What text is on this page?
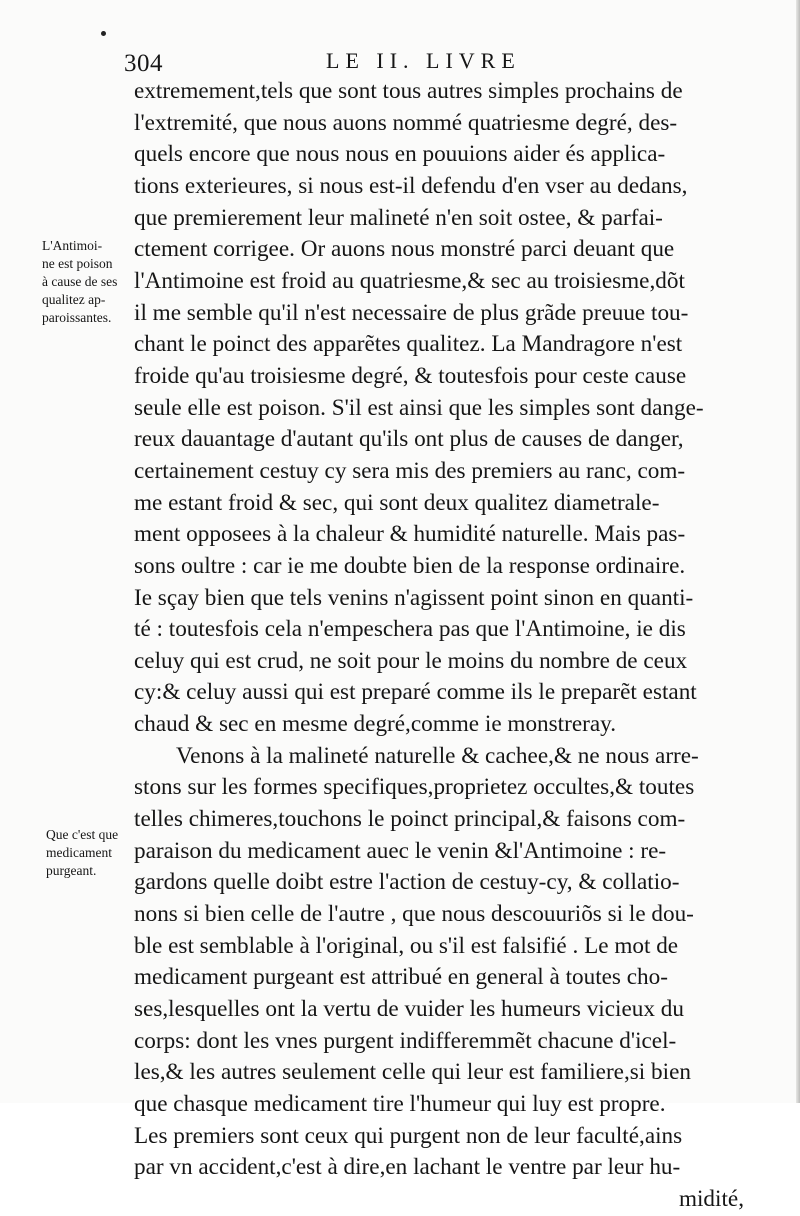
304	LE II. LIVRE
L'Antimoi-
ne est poison
à cause de ses
qualitez ap-
paroissantes.
Que c'est que
medicament
purgeant.
extremement,tels que sont tous autres simples prochains de
l'extremité, que nous auons nommé quatriesme degré, des-
quels encore que nous nous en pouuions aider és applica-
tions exterieures, si nous est-il defendu d'en vser au dedans,
que premierement leur malineté n'en soit ostee, & parfai-
ctement corrigee. Or auons nous monstré parci deuant que
l'Antimoine est froid au quatriesme,& sec au troisiesme,dõt
il me semble qu'il n'est necessaire de plus grãde preuue tou-
chant le poinct des apparẽtes qualitez. La Mandragore n'est
froide qu'au troisiesme degré, & toutesfois pour ceste cause
seule elle est poison. S'il est ainsi que les simples sont dange-
reux dauantage d'autant qu'ils ont plus de causes de danger,
certainement cestuy cy sera mis des premiers au ranc, com-
me estant froid & sec, qui sont deux qualitez diametrale-
ment opposees à la chaleur & humidité naturelle. Mais pas-
sons oultre : car ie me doubte bien de la response ordinaire.
Ie sçay bien que tels venins n'agissent point sinon en quanti-
té : toutesfois cela n'empeschera pas que l'Antimoine, ie dis
celuy qui est crud, ne soit pour le moins du nombre de ceux
cy:& celuy aussi qui est preparé comme ils le preparẽt estant
chaud & sec en mesme degré,comme ie monstreray.
Venons à la malineté naturelle & cachee,& ne nous arre-
stons sur les formes specifiques,proprietez occultes,& toutes
telles chimeres,touchons le poinct principal,& faisons com-
paraison du medicament auec le venin &l'Antimoine : re-
gardons quelle doibt estre l'action de cestuy-cy, & collatio-
nons si bien celle de l'autre , que nous descouuriõs si le dou-
ble est semblable à l'original, ou s'il est falsifié . Le mot de
medicament purgeant est attribué en general à toutes cho-
ses,lesquelles ont la vertu de vuider les humeurs vicieux du
corps: dont les vnes purgent indifferemmẽt chacune d'icel-
les,& les autres seulement celle qui leur est familiere,si bien
que chasque medicament tire l'humeur qui luy est propre.
Les premiers sont ceux qui purgent non de leur faculté,ains
par vn accident,c'est à dire,en lachant le ventre par leur hu-
midité,
